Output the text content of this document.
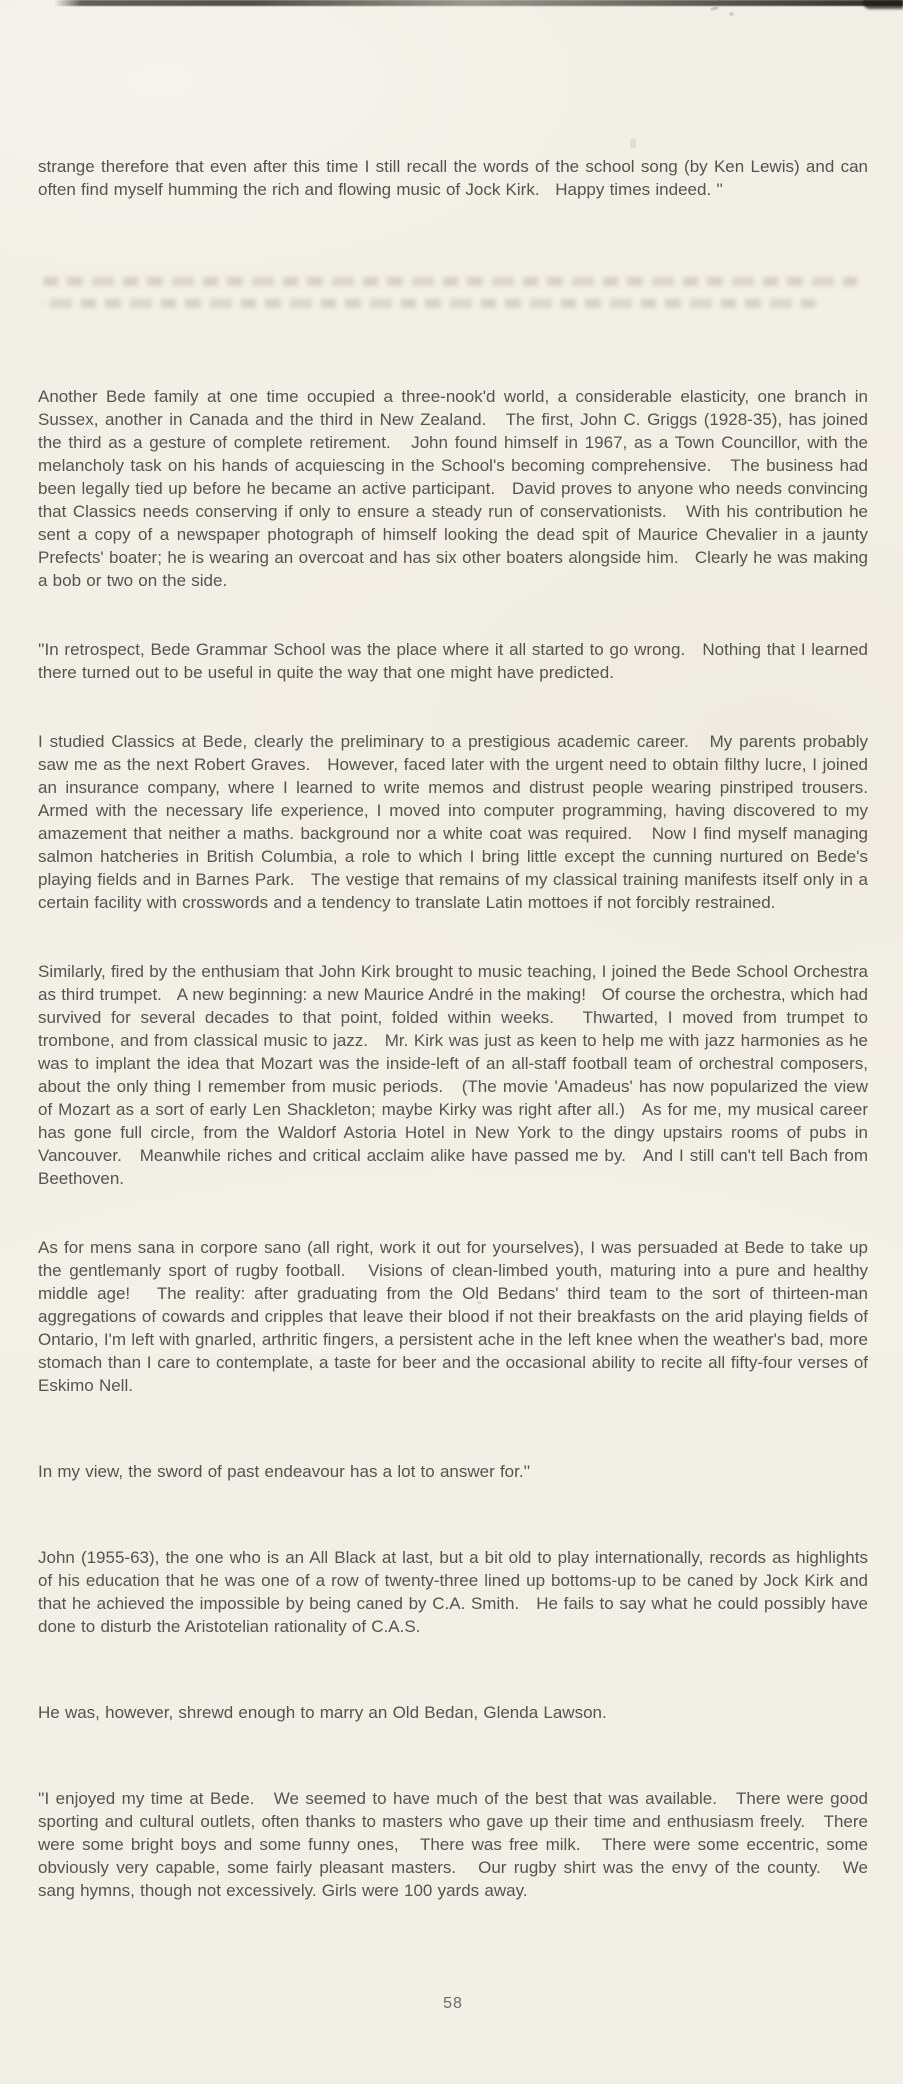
strange therefore that even after this time I still recall the words of the school song (by Ken Lewis) and can often find myself humming the rich and flowing music of Jock Kirk.   Happy times indeed. ''

Another Bede family at one time occupied a three-nook'd world, a considerable elasticity, one branch in Sussex, another in Canada and the third in New Zealand.   The first, John C. Griggs (1928-35), has joined the third as a gesture of complete retirement.   John found himself in 1967, as a Town Councillor, with the melancholy task on his hands of acquiescing in the School's becoming comprehensive.   The business had been legally tied up before he became an active participant.   David proves to anyone who needs convincing that Classics needs conserving if only to ensure a steady run of conservationists.   With his contribution he sent a copy of a newspaper photograph of himself looking the dead spit of Maurice Chevalier in a jaunty Prefects' boater; he is wearing an overcoat and has six other boaters alongside him.   Clearly he was making a bob or two on the side.

''In retrospect, Bede Grammar School was the place where it all started to go wrong.   Nothing that I learned there turned out to be useful in quite the way that one might have predicted.

I studied Classics at Bede, clearly the preliminary to a prestigious academic career.   My parents probably saw me as the next Robert Graves.   However, faced later with the urgent need to obtain filthy lucre, I joined an insurance company, where I learned to write memos and distrust people wearing pinstriped trousers.   Armed with the necessary life experience, I moved into computer programming, having discovered to my amazement that neither a maths. background nor a white coat was required.   Now I find myself managing salmon hatcheries in British Columbia, a role to which I bring little except the cunning nurtured on Bede's playing fields and in Barnes Park.   The vestige that remains of my classical training manifests itself only in a certain facility with crosswords and a tendency to translate Latin mottoes if not forcibly restrained.

Similarly, fired by the enthusiam that John Kirk brought to music teaching, I joined the Bede School Orchestra as third trumpet.   A new beginning: a new Maurice André in the making!   Of course the orchestra, which had survived for several decades to that point, folded within weeks.   Thwarted, I moved from trumpet to trombone, and from classical music to jazz.   Mr. Kirk was just as keen to help me with jazz harmonies as he was to implant the idea that Mozart was the inside-left of an all-staff football team of orchestral composers, about the only thing I remember from music periods.   (The movie 'Amadeus' has now popularized the view of Mozart as a sort of early Len Shackleton; maybe Kirky was right after all.)   As for me, my musical career has gone full circle, from the Waldorf Astoria Hotel in New York to the dingy upstairs rooms of pubs in Vancouver.   Meanwhile riches and critical acclaim alike have passed me by.   And I still can't tell Bach from Beethoven.

As for mens sana in corpore sano (all right, work it out for yourselves), I was persuaded at Bede to take up the gentlemanly sport of rugby football.   Visions of clean-limbed youth, maturing into a pure and healthy middle age!   The reality: after graduating from the Old Bedans' third team to the sort of thirteen-man aggregations of cowards and cripples that leave their blood if not their breakfasts on the arid playing fields of Ontario, I'm left with gnarled, arthritic fingers, a persistent ache in the left knee when the weather's bad, more stomach than I care to contemplate, a taste for beer and the occasional ability to recite all fifty-four verses of Eskimo Nell.

In my view, the sword of past endeavour has a lot to answer for.''

John (1955-63), the one who is an All Black at last, but a bit old to play internationally, records as highlights of his education that he was one of a row of twenty-three lined up bottoms-up to be caned by Jock Kirk and that he achieved the impossible by being caned by C.A. Smith.   He fails to say what he could possibly have done to disturb the Aristotelian rationality of C.A.S.

He was, however, shrewd enough to marry an Old Bedan, Glenda Lawson.

''I enjoyed my time at Bede.   We seemed to have much of the best that was available.   There were good sporting and cultural outlets, often thanks to masters who gave up their time and enthusiasm freely.   There were some bright boys and some funny ones,   There was free milk.   There were some eccentric, some obviously very capable, some fairly pleasant masters.   Our rugby shirt was the envy of the county.   We sang hymns, though not excessively. Girls were 100 yards away.

58
